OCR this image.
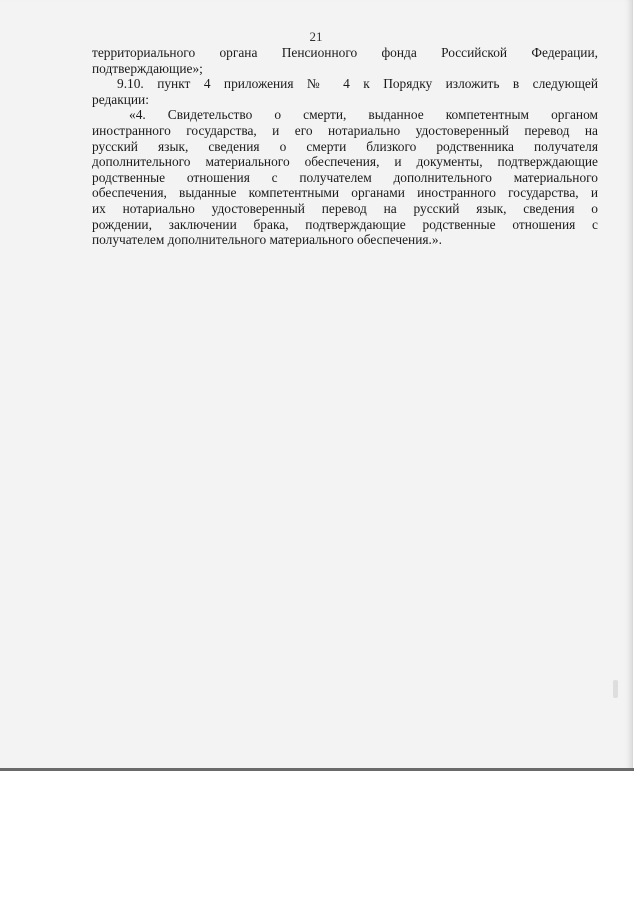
21
территориального органа Пенсионного фонда Российской Федерации,
подтверждающие»;
9.10. пункт 4 приложения № 4 к Порядку изложить в следующей
редакции:
«4. Свидетельство о смерти, выданное компетентным органом
иностранного государства, и его нотариально удостоверенный перевод на
русский язык, сведения о смерти близкого родственника получателя
дополнительного материального обеспечения, и документы, подтверждающие
родственные отношения с получателем дополнительного материального
обеспечения, выданные компетентными органами иностранного государства, и
их нотариально удостоверенный перевод на русский язык, сведения о
рождении, заключении брака, подтверждающие родственные отношения с
получателем дополнительного материального обеспечения.».
